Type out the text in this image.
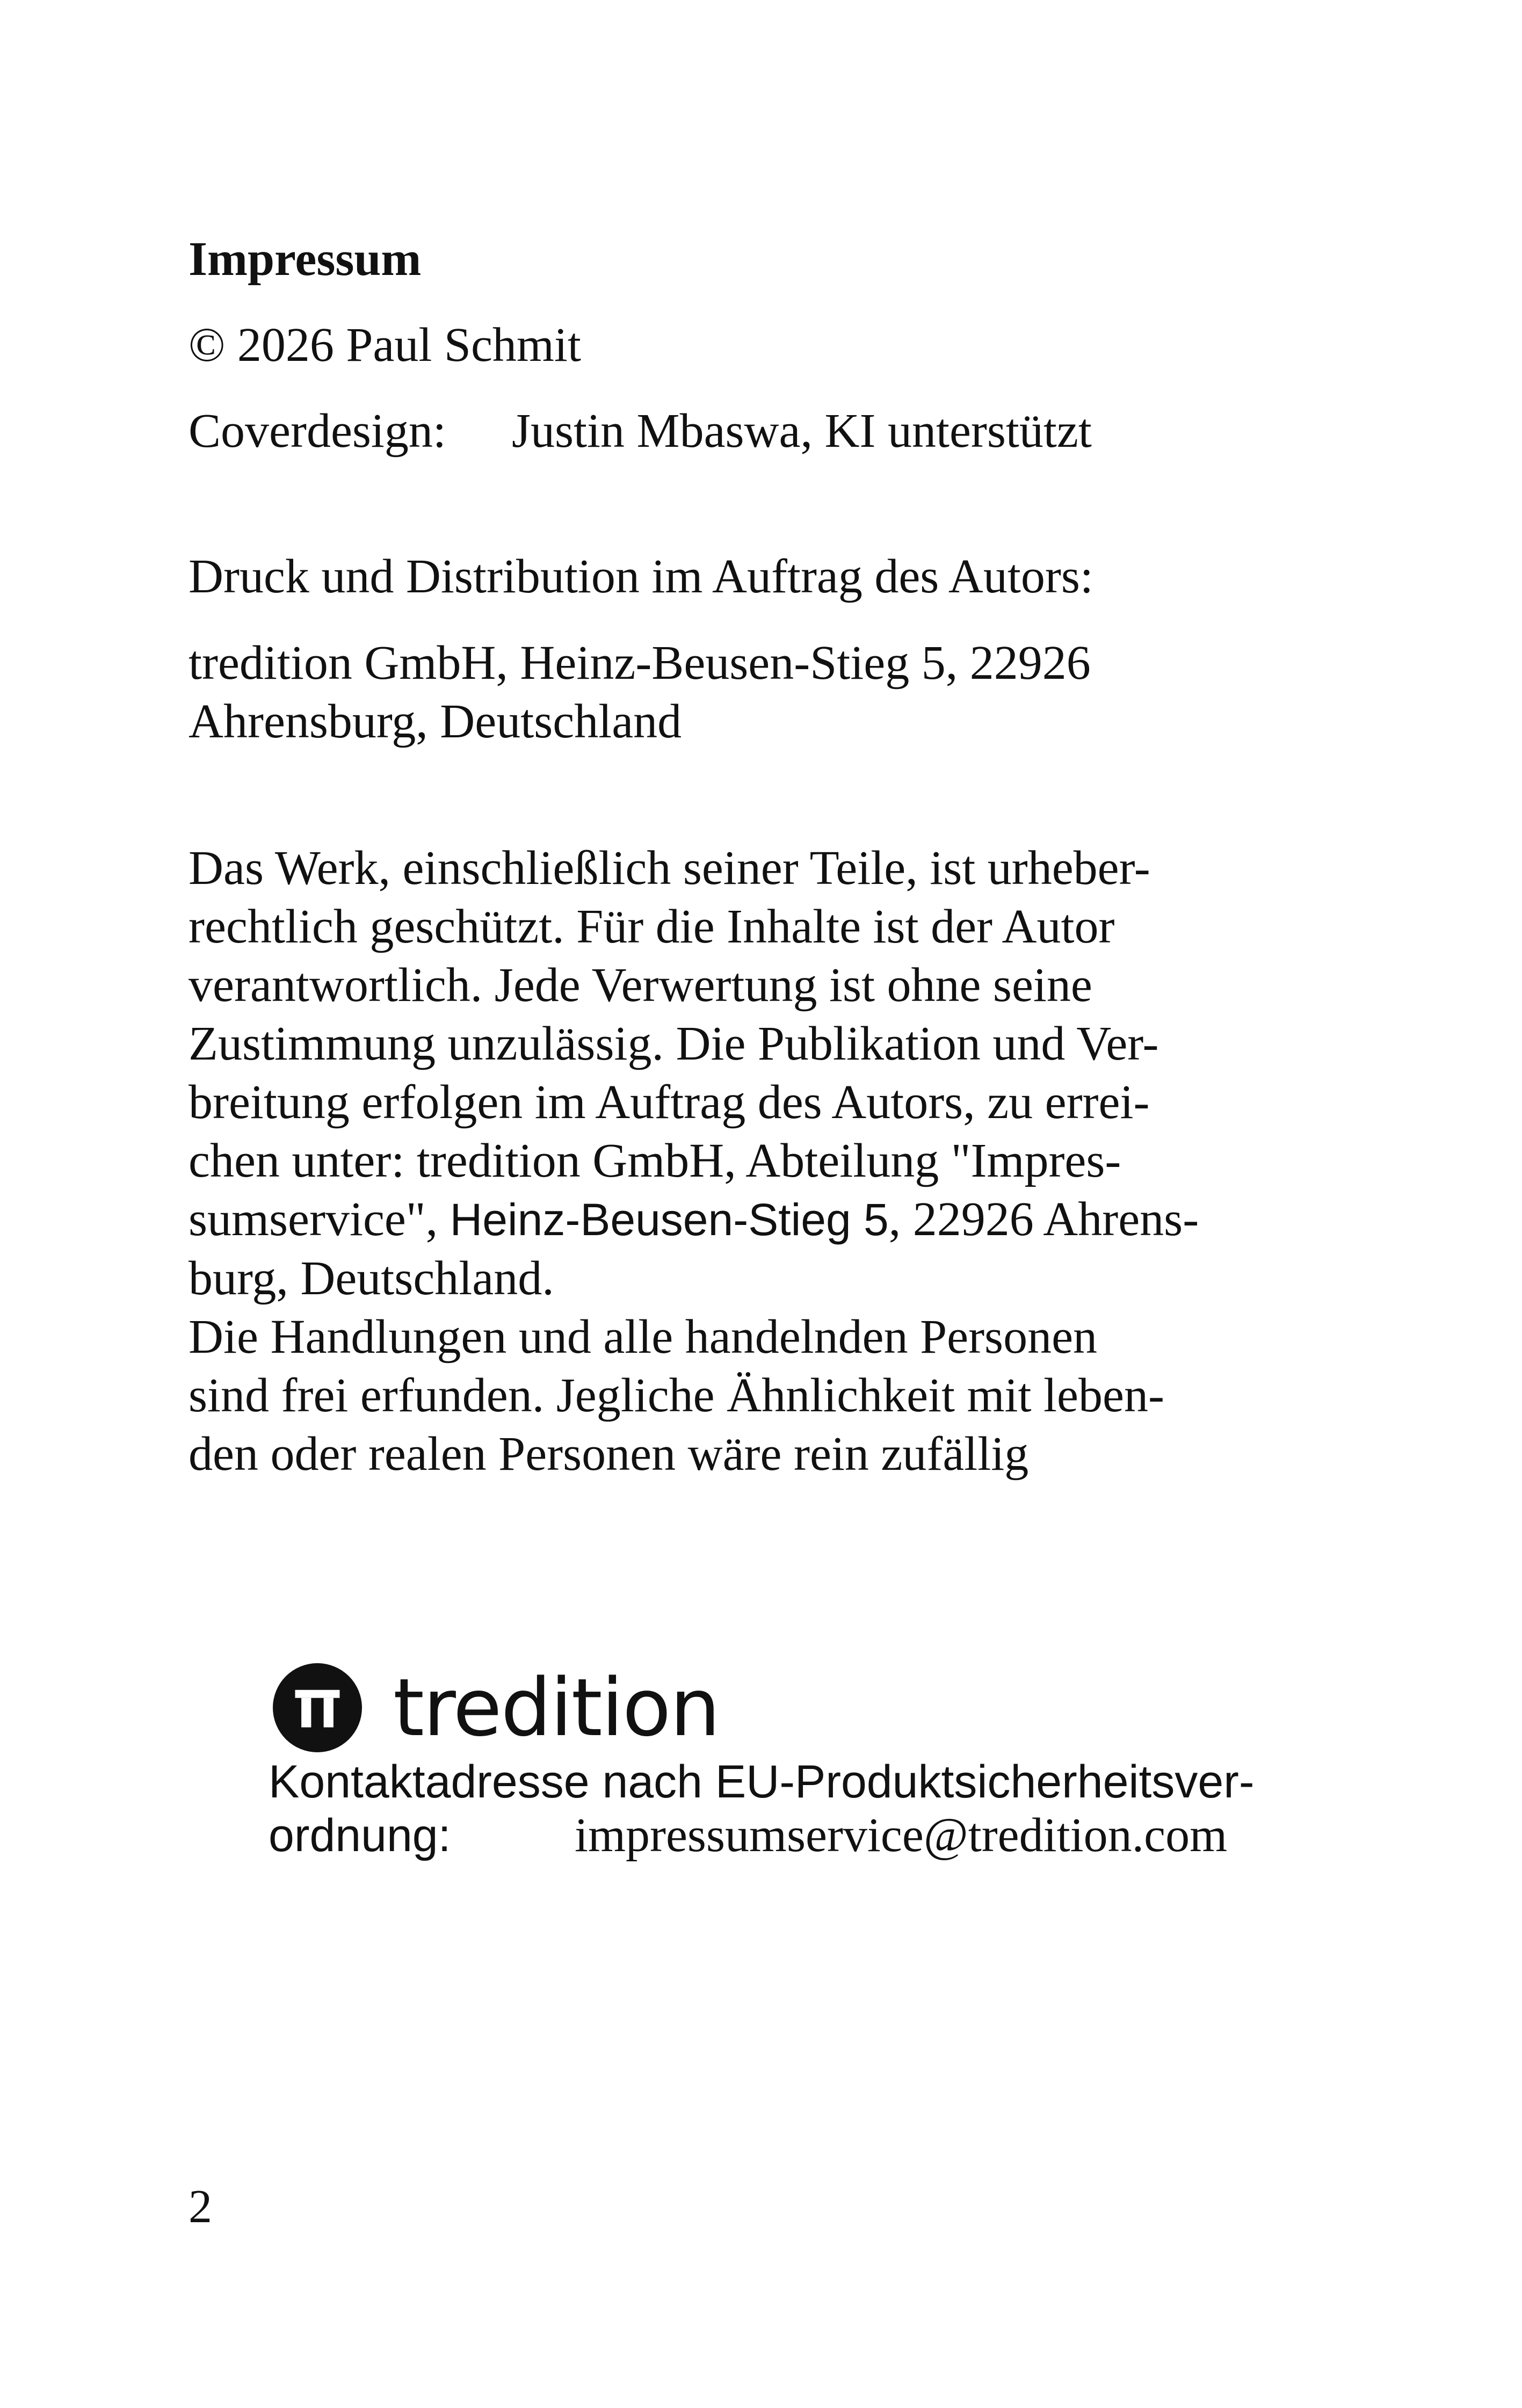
Impressum
© 2026 Paul Schmit
Coverdesign: Justin Mbaswa, KI unterstützt
Druck und Distribution im Auftrag des Autors:
tredition GmbH, Heinz-Beusen-Stieg 5, 22926
Ahrensburg, Deutschland
Das Werk, einschließlich seiner Teile, ist urheber-
rechtlich geschützt. Für die Inhalte ist der Autor
verantwortlich. Jede Verwertung ist ohne seine
Zustimmung unzulässig. Die Publikation und Ver-
breitung erfolgen im Auftrag des Autors, zu errei-
chen unter: tredition GmbH, Abteilung "Impres-
sumservice", Heinz-Beusen-Stieg 5, 22926 Ahrens-
burg, Deutschland.
Die Handlungen und alle handelnden Personen
sind frei erfunden. Jegliche Ähnlichkeit mit leben-
den oder realen Personen wäre rein zufällig
tredition
Kontaktadresse nach EU-Produktsicherheitsver-
ordnung:	impressumservice@tredition.com
2
